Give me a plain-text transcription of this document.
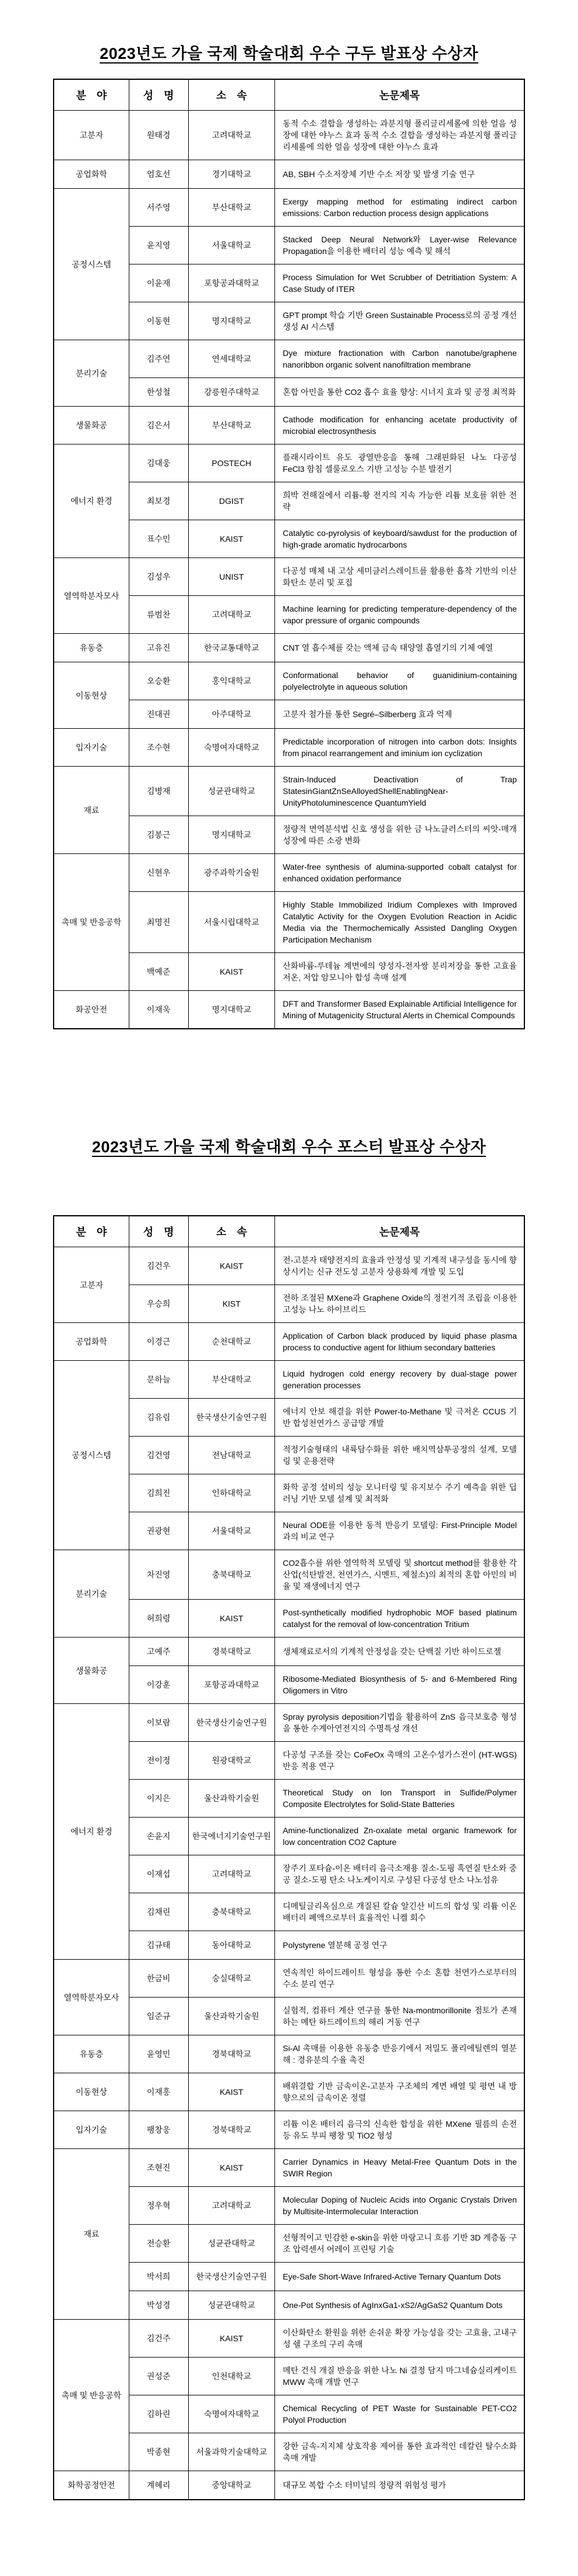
2023년도 가을 국제 학술대회 우수 구두 발표상 수상자
분　야	성　명	소　속	논문제목
고분자	원태경	고려대학교	동적 수소 결합을 생성하는 과분지형 폴리글리세롤에 의한 얼음 성장에 대한 야누스 효과 동적 수소 결합을 생성하는 과분지형 폴리글리세롤에 의한 얼음 성장에 대한 야누스 효과
공업화학	엄호선	경기대학교	AB, SBH 수소저장체 기반 수소 저장 및 발생 기술 연구
공정시스템	서주영	부산대학교	Exergy mapping method for estimating indirect carbon emissions: Carbon reduction process design applications
	윤지영	서울대학교	Stacked Deep Neural Network와 Layer-wise Relevance Propagation을 이용한 배터리 성능 예측 및 해석
	이윤재	포항공과대학교	Process Simulation for Wet Scrubber of Detritiation System: A Case Study of ITER
	이동현	명지대학교	GPT prompt 학습 기반 Green Sustainable Process로의 공정 개선 생성 AI 시스템
분리기술	김주연	연세대학교	Dye mixture fractionation with Carbon nanotube/graphene nanoribbon organic solvent nanofiltration membrane
	한성철	강릉원주대학교	혼합 아민을 통한 CO2 흡수 효율 향상: 시너지 효과 및 공정 최적화
생물화공	김은서	부산대학교	Cathode modification for enhancing acetate productivity of microbial electrosynthesis
에너지 환경	김대웅	POSTECH	플래시라이트 유도 광열반응을 통해 그래핀화된 나노 다공성 FeCl3 함침 셀룰로오스 기반 고성능 수분 발전기
	최보경	DGIST	희박 전해질에서 리튬-황 전지의 지속 가능한 리튬 보호를 위한 전략
	표수민	KAIST	Catalytic co-pyrolysis of keyboard/sawdust for the production of high-grade aromatic hydrocarbons
열역학분자모사	김성우	UNIST	다공성 매체 내 고상 세미클러스레이트를 활용한 흡착 기반의 이산화탄소 분리 및 포집
	류범찬	고려대학교	Machine learning for predicting temperature-dependency of the vapor pressure of organic compounds
유동층	고유진	한국교통대학교	CNT 열 흡수체를 갖는 액체 금속 태양열 흡열기의 기체 예열
이동현상	오승환	홍익대학교	Conformational behavior of guanidinium-containing polyelectrolyte in aqueous solution
	진대권	아주대학교	고분자 첨가를 통한 Segré–Silberberg 효과 억제
입자기술	조수현	숙명여자대학교	Predictable incorporation of nitrogen into carbon dots: Insights from pinacol rearrangement and iminium ion cyclization
재료	김병재	성균관대학교	Strain-Induced Deactivation of Trap StatesinGiantZnSeAlloyedShellEnablingNear-UnityPhotoluminescence QuantumYield
	김봉근	명지대학교	정량적 면역분석법 신호 생성을 위한 금 나노클러스터의 씨앗-매개 성장에 따른 소광 변화
촉매 및 반응공학	신현우	광주과학기술원	Water-free synthesis of alumina-supported cobalt catalyst for enhanced oxidation performance
	최명진	서울시립대학교	Highly Stable Immobilized Iridium Complexes with Improved Catalytic Activity for the Oxygen Evolution Reaction in Acidic Media via the Thermochemically Assisted Dangling Oxygen Participation Mechanism
	백예준	KAIST	산화바륨-루테늄 계면에의 양성자-전자쌍 분리저장을 통한 고효율 저온, 저압 암모니아 합성 촉매 설계
화공안전	이재욱	명지대학교	DFT and Transformer Based Explainable Artificial Intelligence for Mining of Mutagenicity Structural Alerts in Chemical Compounds
2023년도 가을 국제 학술대회 우수 포스터 발표상 수상자
분　야	성　명	소　속	논문제목
고분자	김건우	KAIST	전-고분자 태양전지의 효율과 안정성 및 기계적 내구성을 동시에 향상시키는 신규 전도성 고분자 상용화제 개발 및 도입
	우승희	KIST	전하 조절된 MXene과 Graphene Oxide의 정전기적 조립을 이용한 고성능 나노 하이브리드
공업화학	이경근	순천대학교	Application of Carbon black produced by liquid phase plasma process to conductive agent for lithium secondary batteries
공정시스템	문하늘	부산대학교	Liquid hydrogen cold energy recovery by dual-stage power generation processes
	김유림	한국생산기술연구원	에너지 안보 해결을 위한 Power-to-Methane 및 극저온 CCUS 기반 합성천연가스 공급망 개발
	김건영	전남대학교	적정기술형태의 내륙담수화를 위한 배치역삼투공정의 설계, 모델링 및 운용전략
	김희진	인하대학교	화학 공정 설비의 성능 모니터링 및 유지보수 주기 예측을 위한 딥러닝 기반 모델 설계 및 최적화
	권광현	서울대학교	Neural ODE를 이용한 동적 반응기 모델링: First-Principle Model과의 비교 연구
분리기술	차진영	충북대학교	CO2흡수를 위한 열역학적 모델링 및 shortcut method를 활용한 각 산업(석탄발전, 천연가스, 시멘트, 제철소)의 최적의 혼합 아민의 비율 및 재생에너지 연구
	허희령	KAIST	Post-synthetically modified hydrophobic MOF based platinum catalyst for the removal of low-concentration Tritium
생물화공	고예주	경북대학교	생체재료로서의 기계적 안정성을 갖는 단백질 기반 하이드로젤
	이강훈	포항공과대학교	Ribosome-Mediated Biosynthesis of 5- and 6-Membered Ring Oligomers in Vitro
에너지 환경	이보람	한국생산기술연구원	Spray pyrolysis deposition기법을 활용하여 ZnS 음극보호층 형성을 통한 수계아연전지의 수명특성 개선
	전이정	원광대학교	다공성 구조를 갖는 CoFeOx 촉매의 고온수성가스전이 (HT-WGS)반응 적용 연구
	이지은	울산과학기술원	Theoretical Study on Ion Transport in Sulfide/Polymer Composite Electrolytes for Solid-State Batteries
	손윤지	한국에너지기술연구원	Amine-functionalized Zn-oxalate metal organic framework for low concentration CO2 Capture
	이재섭	고려대학교	장주기 포타슘-이온 배터리 음극소재용 질소-도핑 흑연질 탄소와 중공 질소-도핑 탄소 나노케이지로 구성된 다공성 탄소 나노섬유
	김채린	충북대학교	디메틸글리옥심으로 개질된 칼슘 알긴산 비드의 합성 및 리튬 이온 배터리 폐액으로부터 효율적인 니켈 회수
	김규태	동아대학교	Polystyrene 열분해 공정 연구
열역학분자모사	한금비	숭실대학교	연속적인 하이드레이트 형성을 통한 수소 혼합 천연가스로부터의 수소 분리 연구
	임준규	울산과학기술원	실험적, 컴퓨터 계산 연구를 통한 Na-montmorillonite 점토가 존재하는 메탄 하드레이트의 해리 거동 연구
유동층	윤영민	경북대학교	Si-Al 촉매를 이용한 유동층 반응기에서 저밀도 폴리에틸렌의 열분해 : 경유분의 수율 촉진
이동현상	이재홍	KAIST	배위결합 기반 금속이온-고분자 구조체의 계면 배열 및 평면 내 방향으로의 금속이온 정렬
입자기술	팽창웅	경북대학교	리튬 이온 배터리 음극의 신속한 합성을 위한 MXene 필름의 손전등 유도 부피 팽창 및 TiO2 형성
재료	조현진	KAIST	Carrier Dynamics in Heavy Metal-Free Quantum Dots in the SWIR Region
	정우혁	고려대학교	Molecular Doping of Nucleic Acids into Organic Crystals Driven by Multisite-Intermolecular Interaction
	전승환	성균관대학교	선형적이고 민감한 e-skin을 위한 마랑고니 흐름 기반 3D 계층돔 구조 압력센서 어레이 프린팅 기술
	박서희	한국생산기술연구원	Eye-Safe Short-Wave Infrared-Active Ternary Quantum Dots
	박성경	성균관대학교	One-Pot Synthesis of AgInxGa1-xS2/AgGaS2 Quantum Dots
촉매 및 반응공학	김건주	KAIST	이산화탄소 환원을 위한 손쉬운 확장 가능성을 갖는 고효율, 고내구성 쉘 구조의 구리 촉매
	권성준	인천대학교	메탄 건식 개질 반응을 위한 나노 Ni 결정 담지 마그네슘실리케이트 MWW 촉매 개발 연구
	김하린	숙명여자대학교	Chemical Recycling of PET Waste for Sustainable PET-CO2 Polyol Production
	박종현	서울과학기술대학교	강한 금속-지지체 상호작용 제어를 통한 효과적인 데칼린 탈수소화 촉매 개발
화학공정안전	계혜리	중앙대학교	대규모 복합 수소 터미널의 정량적 위험성 평가
